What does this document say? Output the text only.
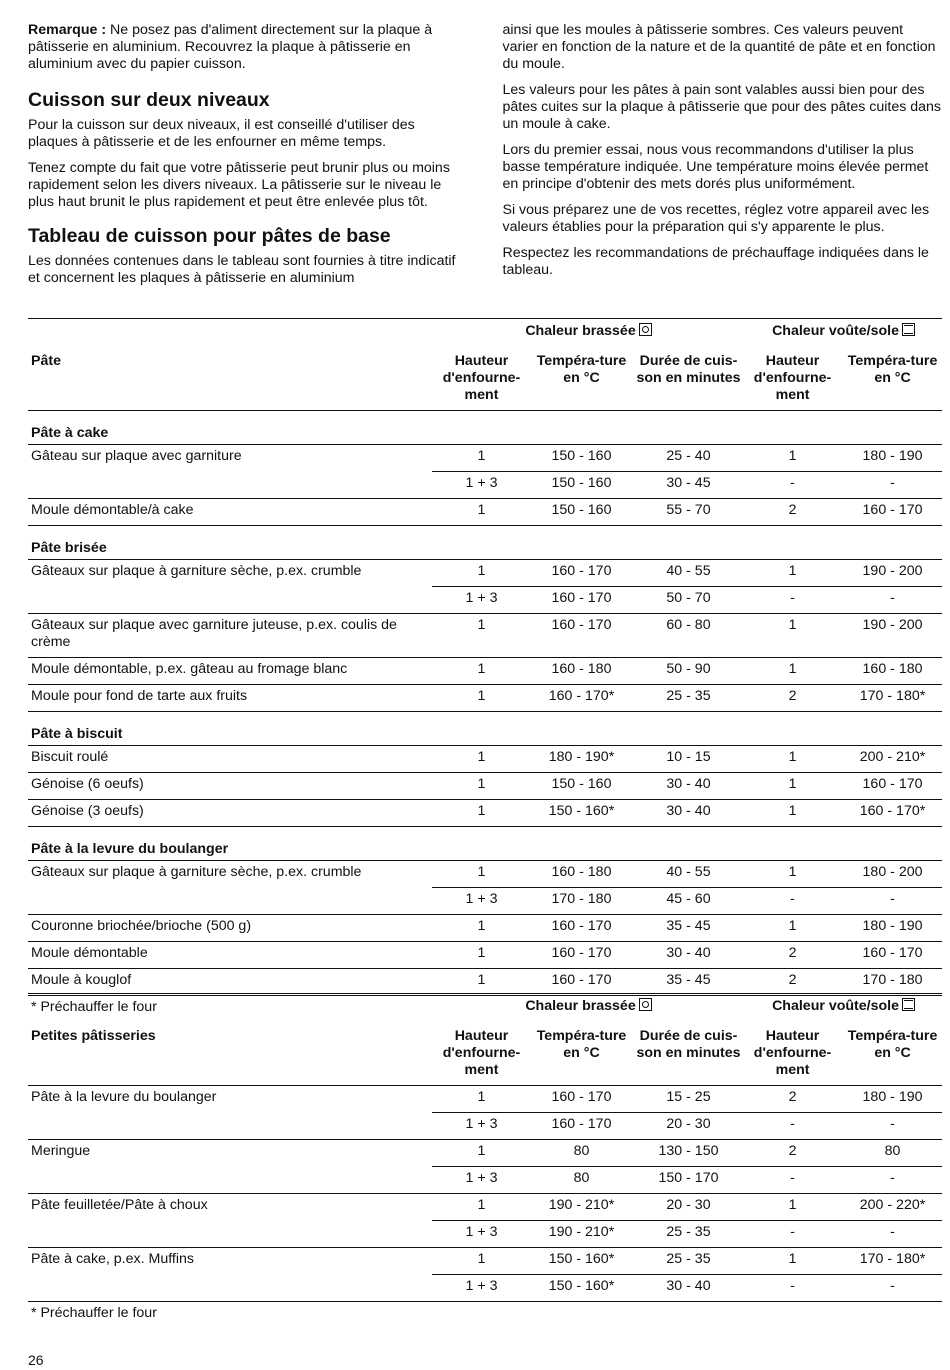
Remarque : Ne posez pas d'aliment directement sur la plaque à pâtisserie en aluminium. Recouvrez la plaque à pâtisserie en aluminium avec du papier cuisson.

Cuisson sur deux niveaux

Pour la cuisson sur deux niveaux, il est conseillé d'utiliser des plaques à pâtisserie et de les enfourner en même temps.

Tenez compte du fait que votre pâtisserie peut brunir plus ou moins rapidement selon les divers niveaux. La pâtisserie sur le niveau le plus haut brunit le plus rapidement et peut être enlevée plus tôt.

Tableau de cuisson pour pâtes de base

Les données contenues dans le tableau sont fournies à titre indicatif et concernent les plaques à pâtisserie en aluminium

ainsi que les moules à pâtisserie sombres. Ces valeurs peuvent varier en fonction de la nature et de la quantité de pâte et en fonction du moule.

Les valeurs pour les pâtes à pain sont valables aussi bien pour des pâtes cuites sur la plaque à pâtisserie que pour des pâtes cuites dans un moule à cake.

Lors du premier essai, nous vous recommandons d'utiliser la plus basse température indiquée. Une température moins élevée permet en principe d'obtenir des mets dorés plus uniformément.

Si vous préparez une de vos recettes, réglez votre appareil avec les valeurs établies pour la préparation qui s'y apparente le plus.

Respectez les recommandations de préchauffage indiquées dans le tableau.

	Chaleur brassée			Chaleur voûte/sole	
Pâte	Hauteur d'enfourne-ment	Tempéra-ture en °C	Durée de cuis-son en minutes	Hauteur d'enfourne-ment	Tempéra-ture en °C
Pâte à cake					
Gâteau sur plaque avec garniture	1	150 - 160	25 - 40	1	180 - 190
	1 + 3	150 - 160	30 - 45	-	-
Moule démontable/à cake	1	150 - 160	55 - 70	2	160 - 170
Pâte brisée					
Gâteaux sur plaque à garniture sèche, p.ex. crumble	1	160 - 170	40 - 55	1	190 - 200
	1 + 3	160 - 170	50 - 70	-	-
Gâteaux sur plaque avec garniture juteuse, p.ex. coulis de crème	1	160 - 170	60 - 80	1	190 - 200
Moule démontable, p.ex. gâteau au fromage blanc	1	160 - 180	50 - 90	1	160 - 180
Moule pour fond de tarte aux fruits	1	160 - 170*	25 - 35	2	170 - 180*
Pâte à biscuit					
Biscuit roulé	1	180 - 190*	10 - 15	1	200 - 210*
Génoise (6 oeufs)	1	150 - 160	30 - 40	1	160 - 170
Génoise (3 oeufs)	1	150 - 160*	30 - 40	1	160 - 170*
Pâte à la levure du boulanger					
Gâteaux sur plaque à garniture sèche, p.ex. crumble	1	160 - 180	40 - 55	1	180 - 200
	1 + 3	170 - 180	45 - 60	-	-
Couronne briochée/brioche (500 g)	1	160 - 170	35 - 45	1	180 - 190
Moule démontable	1	160 - 170	30 - 40	2	160 - 170
Moule à kouglof	1	160 - 170	35 - 45	2	170 - 180
* Préchauffer le four					
		Chaleur brassée			Chaleur voûte/sole	
Petites pâtisseries	Hauteur d'enfourne-ment	Tempéra-ture en °C	Durée de cuis-son en minutes	Hauteur d'enfourne-ment	Tempéra-ture en °C
Pâte à la levure du boulanger	1	160 - 170	15 - 25	2	180 - 190
	1 + 3	160 - 170	20 - 30	-	-
Meringue	1	80	130 - 150	2	80
	1 + 3	80	150 - 170	-	-
Pâte feuilletée/Pâte à choux	1	190 - 210*	20 - 30	1	200 - 220*
	1 + 3	190 - 210*	25 - 35	-	-
Pâte à cake, p.ex. Muffins	1	150 - 160*	25 - 35	1	170 - 180*
	1 + 3	150 - 160*	30 - 40	-	-
* Préchauffer le four					
26
